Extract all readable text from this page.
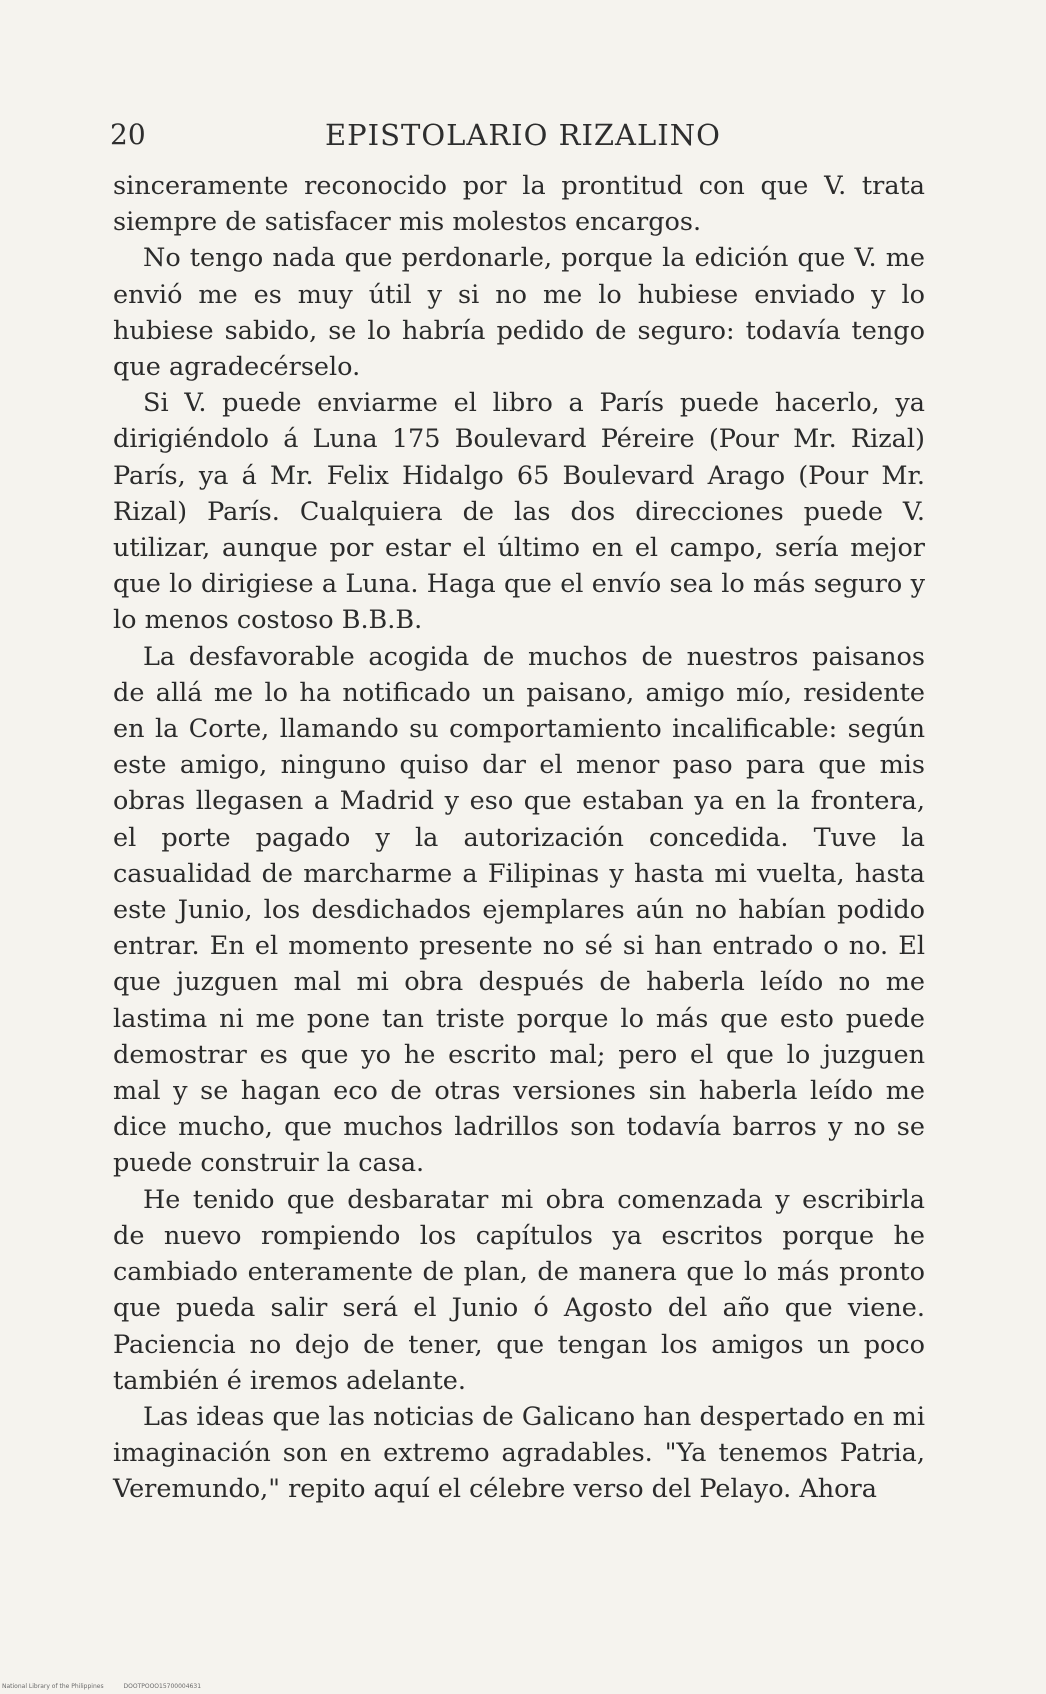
20	EPISTOLARIO RIZALINO

sinceramente reconocido por la prontitud con que V. trata siempre de satisfacer mis molestos encargos.

No tengo nada que perdonarle, porque la edición que V. me envió me es muy útil y si no me lo hubiese enviado y lo hubiese sabido, se lo habría pedido de seguro: todavía tengo que agradecérselo.

Si V. puede enviarme el libro a París puede hacerlo, ya dirigiéndolo á Luna 175 Boulevard Péreire (Pour Mr. Rizal) París, ya á Mr. Felix Hidalgo 65 Boulevard Arago (Pour Mr. Rizal) París. Cualquiera de las dos direcciones puede V. utilizar, aunque por estar el último en el campo, sería mejor que lo dirigiese a Luna. Haga que el envío sea lo más seguro y lo menos costoso B.B.B.

La desfavorable acogida de muchos de nuestros paisanos de allá me lo ha notificado un paisano, amigo mío, residente en la Corte, llamando su comportamiento incalificable: según este amigo, ninguno quiso dar el menor paso para que mis obras llegasen a Madrid y eso que estaban ya en la frontera, el porte pagado y la autorización concedida. Tuve la casualidad de marcharme a Filipinas y hasta mi vuelta, hasta este Junio, los desdichados ejemplares aún no habían podido entrar. En el momento presente no sé si han entrado o no. El que juzguen mal mi obra después de haberla leído no me lastima ni me pone tan triste porque lo más que esto puede demostrar es que yo he escrito mal; pero el que lo juzguen mal y se hagan eco de otras versiones sin haberla leído me dice mucho, que muchos ladrillos son todavía barros y no se puede construir la casa.

He tenido que desbaratar mi obra comenzada y escribirla de nuevo rompiendo los capítulos ya escritos porque he cambiado enteramente de plan, de manera que lo más pronto que pueda salir será el Junio ó Agosto del año que viene. Paciencia no dejo de tener, que tengan los amigos un poco también é iremos adelante.

Las ideas que las noticias de Galicano han despertado en mi imaginación son en extremo agradables. "Ya tenemos Patria, Veremundo," repito aquí el célebre verso del Pelayo. Ahora

National Library of the Philippines	DOOTPOOO15700004631
